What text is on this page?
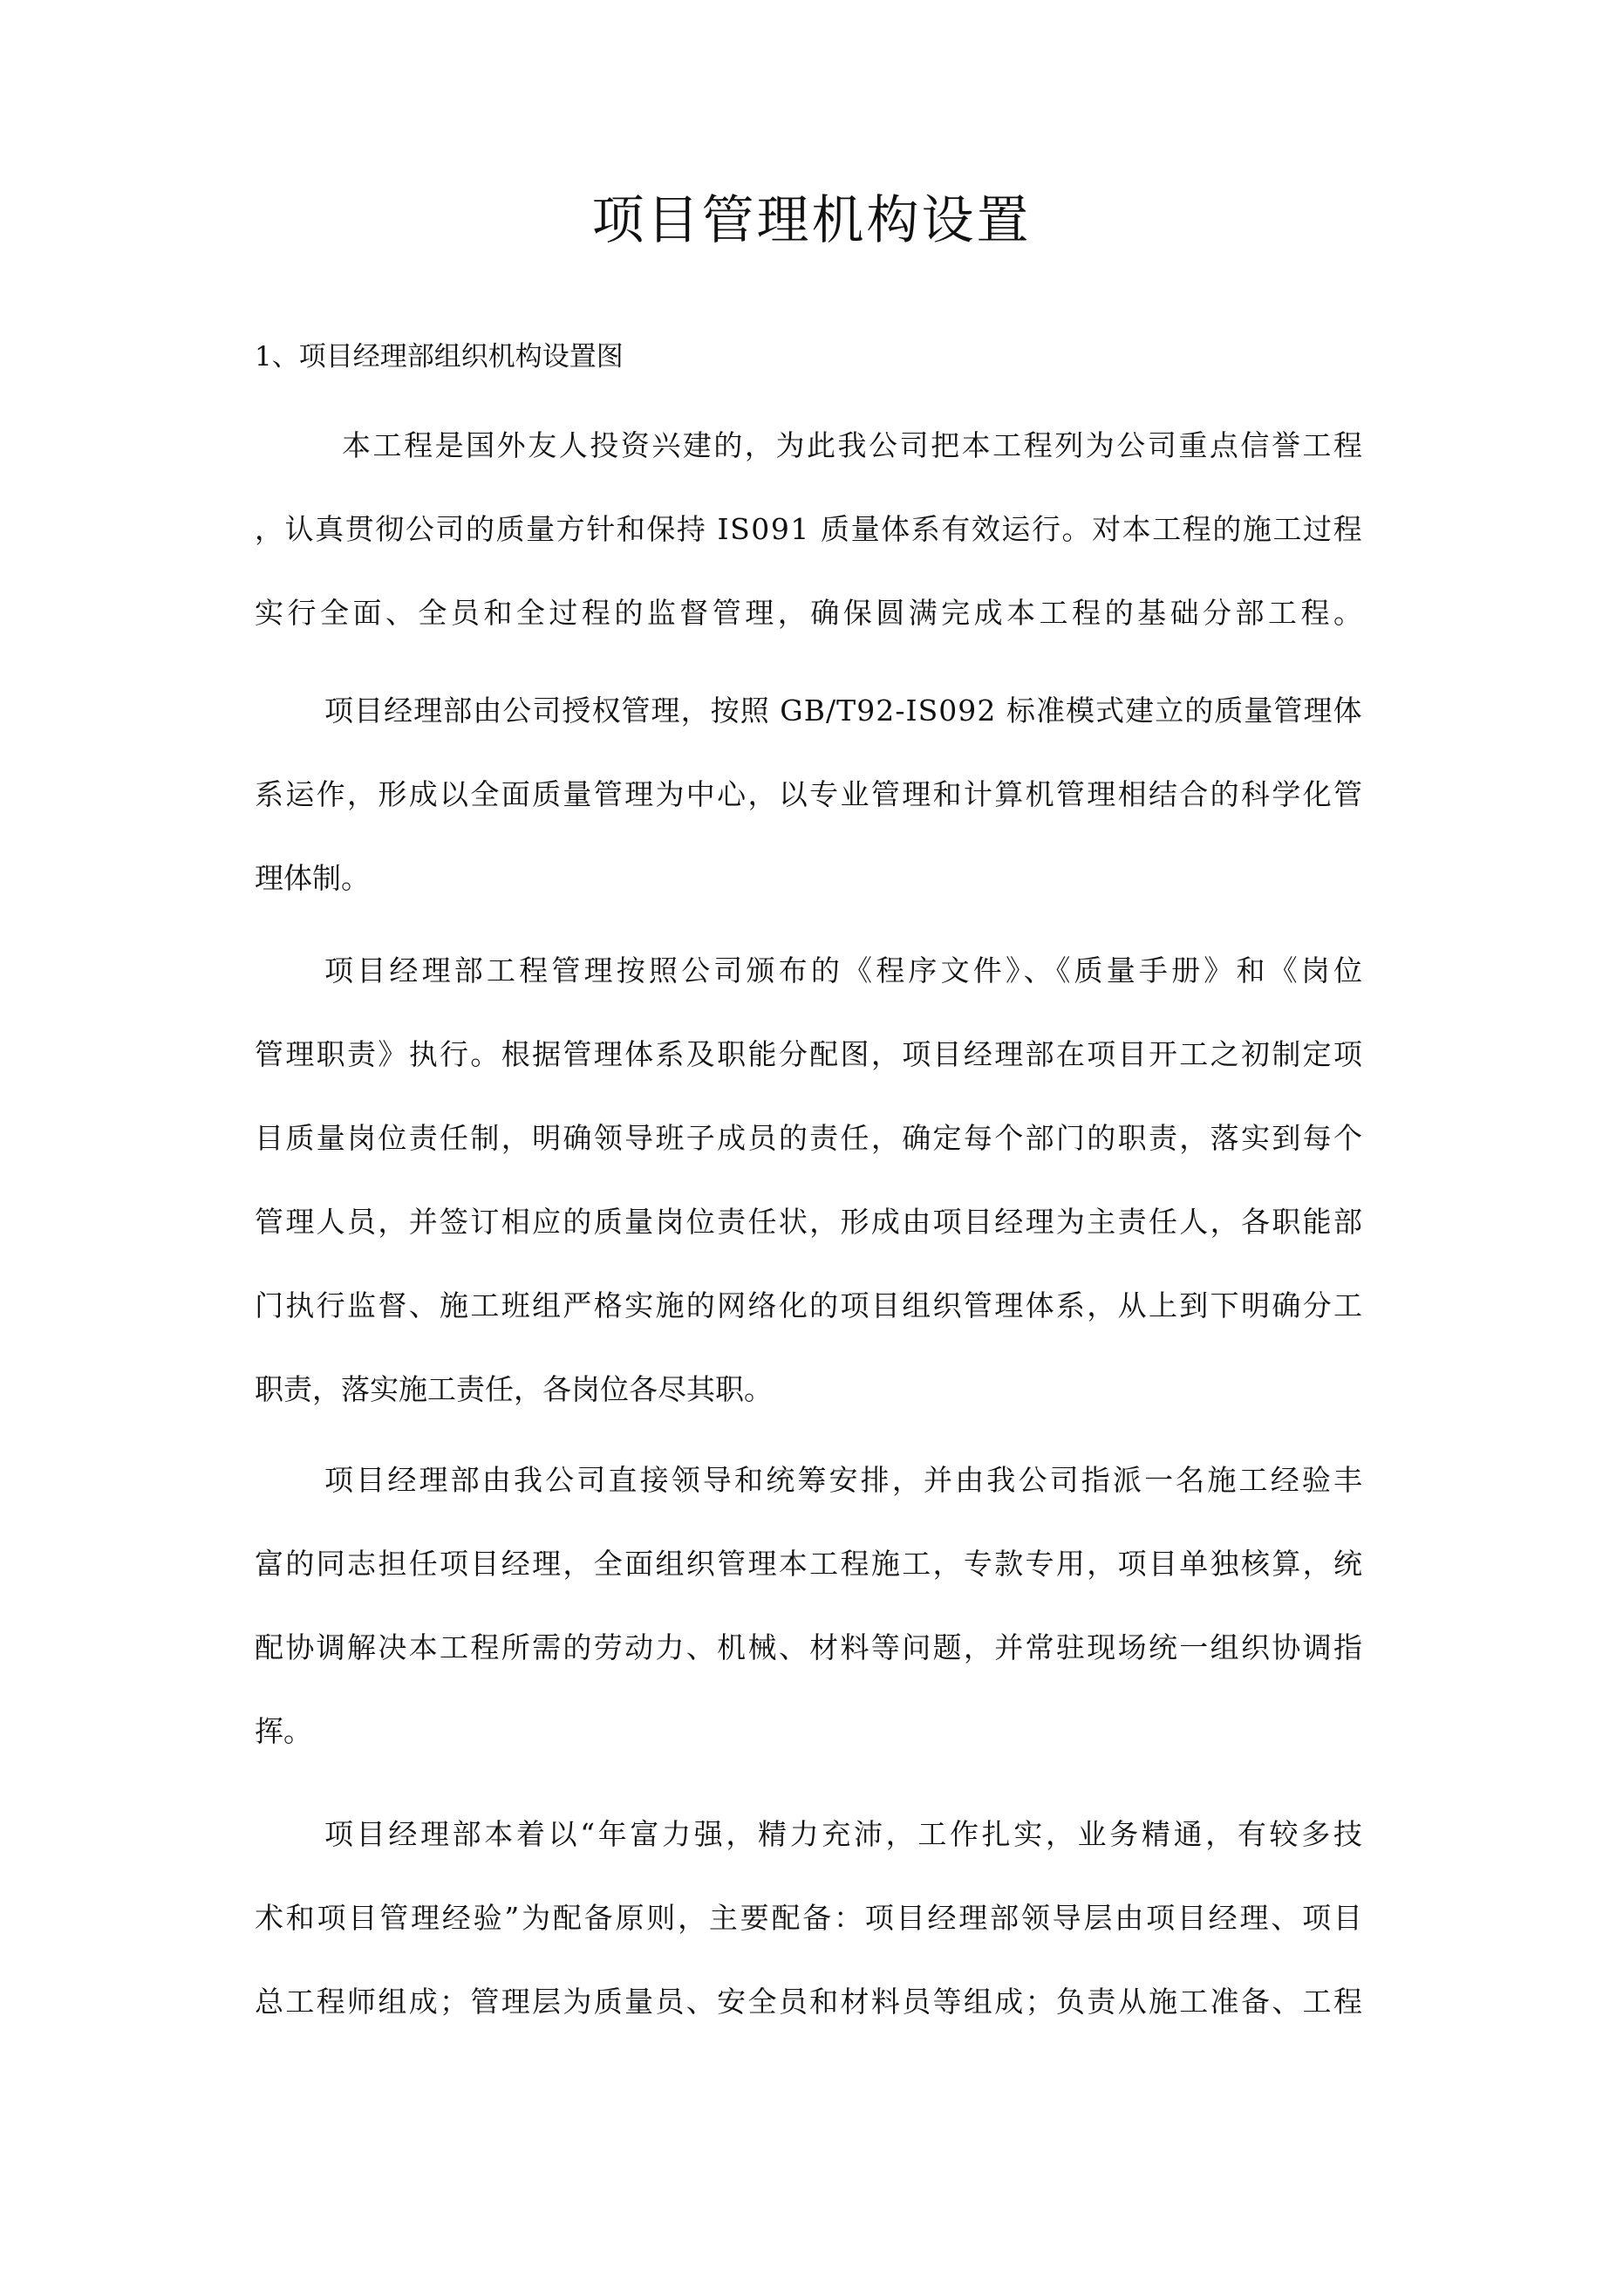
项目管理机构设置
1、项目经理部组织机构设置图
本工程是国外友人投资兴建的，为此我公司把本工程列为公司重点信誉工程
，认真贯彻公司的质量方针和保持 IS091 质量体系有效运行。对本工程的施工过程
实行全面、全员和全过程的监督管理，确保圆满完成本工程的基础分部工程。
项目经理部由公司授权管理，按照 GB/T92-IS092 标准模式建立的质量管理体
系运作，形成以全面质量管理为中心，以专业管理和计算机管理相结合的科学化管
理体制。
项目经理部工程管理按照公司颁布的《程序文件》、《质量手册》和《岗位
管理职责》执行。根据管理体系及职能分配图，项目经理部在项目开工之初制定项
目质量岗位责任制，明确领导班子成员的责任，确定每个部门的职责，落实到每个
管理人员，并签订相应的质量岗位责任状，形成由项目经理为主责任人，各职能部
门执行监督、施工班组严格实施的网络化的项目组织管理体系，从上到下明确分工
职责，落实施工责任，各岗位各尽其职。
项目经理部由我公司直接领导和统筹安排，并由我公司指派一名施工经验丰
富的同志担任项目经理，全面组织管理本工程施工，专款专用，项目单独核算，统
配协调解决本工程所需的劳动力、机械、材料等问题，并常驻现场统一组织协调指
挥。
项目经理部本着以“年富力强，精力充沛，工作扎实，业务精通，有较多技
术和项目管理经验”为配备原则，主要配备：项目经理部领导层由项目经理、项目
总工程师组成；管理层为质量员、安全员和材料员等组成；负责从施工准备、工程
